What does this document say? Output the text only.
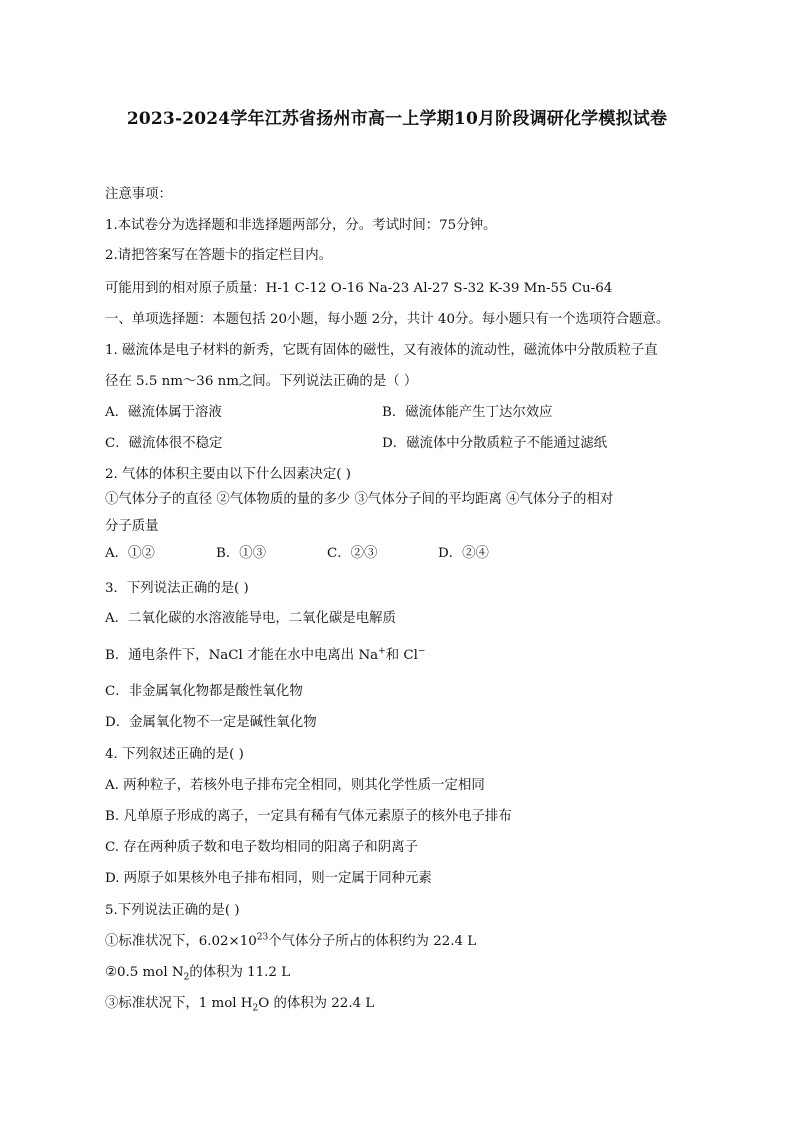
2023-2024学年江苏省扬州市高一上学期10月阶段调研化学模拟试卷
注意事项：
1.本试卷分为选择题和非选择题两部分，分。考试时间：75分钟。
2.请把答案写在答题卡的指定栏目内。
可能用到的相对原子质量：H-1 C-12 O-16 Na-23 Al-27 S-32 K-39 Mn-55 Cu-64
一、单项选择题：本题包括 20小题，每小题 2分，共计 40分。每小题只有一个选项符合题意。
1. 磁流体是电子材料的新秀，它既有固体的磁性，又有液体的流动性，磁流体中分散质粒子直
径在 5.5 nm～36 nm之间。下列说法正确的是（ ）
A．磁流体属于溶液	B．磁流体能产生丁达尔效应
C．磁流体很不稳定	D．磁流体中分散质粒子不能通过滤纸
2. 气体的体积主要由以下什么因素决定( )
①气体分子的直径 ②气体物质的量的多少 ③气体分子间的平均距离 ④气体分子的相对
分子质量
A．①②	B．①③	C．②③	D．②④
3．下列说法正确的是( )
A．二氧化碳的水溶液能导电，二氧化碳是电解质
B．通电条件下，NaCl 才能在水中电离出 Na+和 Cl−
C．非金属氧化物都是酸性氧化物
D．金属氧化物不一定是碱性氧化物
4. 下列叙述正确的是( )
A. 两种粒子，若核外电子排布完全相同，则其化学性质一定相同
B. 凡单原子形成的离子，一定具有稀有气体元素原子的核外电子排布
C. 存在两种质子数和电子数均相同的阳离子和阴离子
D. 两原子如果核外电子排布相同，则一定属于同种元素
5.下列说法正确的是( )
①标准状况下，$6.02\times 10^{23}$个气体分子所占的体积约为 22.4 L
②0.5 mol $N_2$的体积为 11.2 L
③标准状况下，1 mol $H_2O$ 的体积为 22.4 L
